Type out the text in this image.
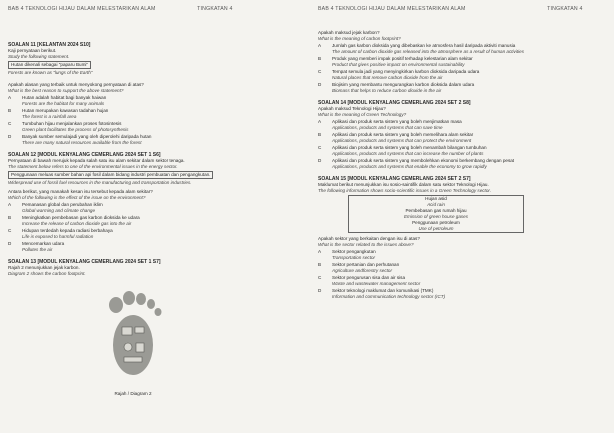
BAB 4 TEKNOLOGI HIJAU DALAM MELESTARIKAN ALAM	TINGKATAN 4	BAB 4 TEKNOLOGI HIJAU DALAM MELESTARIKAN ALAM	TINGKATAN 4
SOALAN 11 [KELANTAN 2024 S10]
Kaji pernyataan berikut.
Study the following statement.
Hutan dikenali sebagai "paparu Bumi"
Forests are known as "lungs of the Earth"
Apakah alasan yang terbaik untuk menyokong pernyataan di atas?
What is the best reason to support the above statement?
A	Hutan adalah habitat bagi banyak haiwan
Forests are the habitat for many animals
B	Hutan merupakan kawasan tadahan hujan
The forest is a rainfall area
C	Tumbuhan hijau menjalankan proses fotosintesis
Green plant facilitates the process of photosynthesis
D	Banyak sumber semulajadi yang oleh diperolehi daripada hutan
There are many natural resources available from the forest
SOALAN 12 [MODUL KENYALANG CEMERLANG 2024 SET 1 S6]
Pernyataan di bawah merujuk kepada salah satu isu alam sekitar dalam sektor tenaga.
The statement below refers to one of the environmental issues in the energy sector.
Penggunaan meluas sumber bahan api fosil dalam bidang industri pembuatan dan pengangkutan.
Widespread use of fossil fuel resources in the manufacturing and transportation industries.
Antara berikut, yang manakah kesan isu tersebut kepada alam sekitar?
Which of the following is the effect of the issue on the environment?
A	Pemanasan global dan perubahan iklim
Global warming and climate change
B	Meningkatkan pembebasan gas karbon dioksida ke udara
Increase the release of carbon dioxide gas into the air
C	Hidupan terdedah kepada radiasi berbahaya
Life is exposed to harmful radiation
D	Mencemarkan udara
Pollutes the air
SOALAN 13 [MODUL KENYALANG CEMERLANG 2024 SET 1 S7]
Rajah 2 menunjukkan jejak karbon.
Diagram 2 shows the carbon footprint.
Rajah / Diagram 2
Apakah maksud jejak karbon?
What is the meaning of carbon footprint?
A	Jumlah gas karbon dioksida yang dibebaskan ke atmosfera hasil daripada aktiviti manusia
The amount of carbon dioxide gas released into the atmosphere as a result of human activities
B	Produk yang memberi impak positif terhadap kelestarian alam sekitar
Product that gives positive impact on environmental sustainability
C	Tempat semula jadi yang menyingkirkan karbon dioksida daripada udara
Natural places that remove carbon dioxide from the air
D	Biojisim yang membantu mengurangkan karbon dioksida dalam udara
Biomass that helps to reduce carbon dioxide in the air
SOALAN 14 [MODUL KENYALANG CEMERLANG 2024 SET 2 S8]
Apakah maksud Teknologi Hijau?
What is the meaning of Green Technology?
A	Aplikasi dan produk serta sistem yang boleh menjimatkan masa
Applications, products and systems that can save time
B	Aplikasi dan produk serta sistem yang boleh memelihara alam sekitar
Applications, products and systems that can protect the environment
C	Aplikasi dan produk serta sistem yang boleh menambah bilangan tumbuhan
Applications, products and systems that can increase the number of plants
D	Aplikasi dan produk serta sistem yang membolehkan ekonomi berkembang dengan pesat
Applications, products and systems that enable the economy to grow rapidly
SOALAN 15 [MODUL KENYALANG CEMERLANG 2024 SET 2 S7]
Maklumat berikut menunjukkan isu sosio-saintifik dalam satu sektor Teknologi Hijau.
The following information shows socio-scientific issues in a Green Technology sector.
Hujan asid
Acid rain
Pembebasan gas rumah hijau
Emission of green house gases
Penggunaan petroleum
Use of petroleum
Apakah sektor yang berkaitan dengan isu di atas?
What is the sector related to the issues above?
A	Sektor pengangkutan
Transportation sector
B	Sektor pertanian dan perhutanan
Agriculture andforestry sector
C	Sektor pengurusan sisa dan air sisa
Waste and wastewater management sector
D	Sektor teknologi maklumat dan komunikasi (TMK)
Information and communication technology sector (ICT)
